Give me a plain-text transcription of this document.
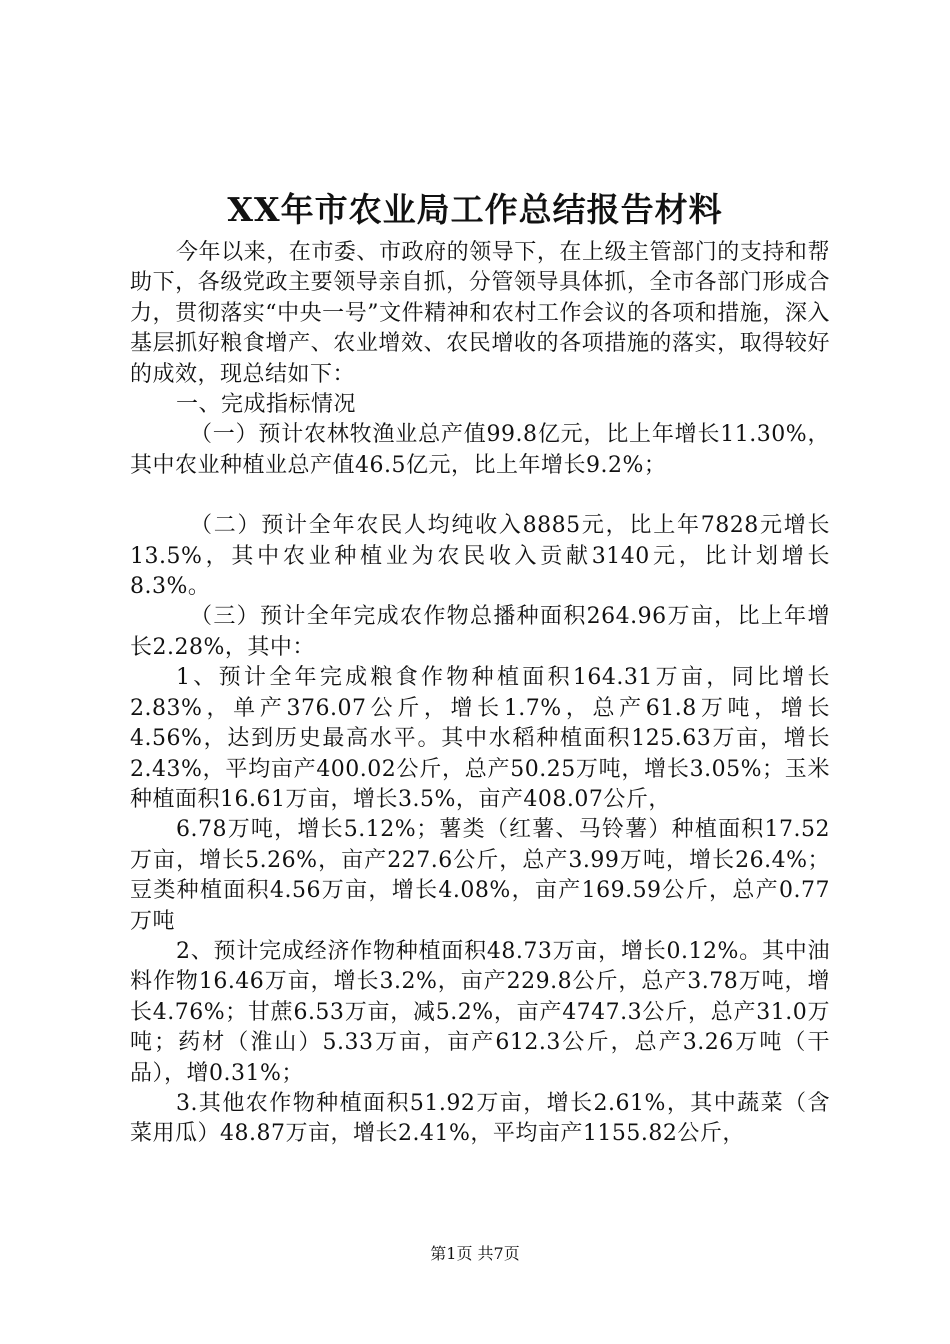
XX年市农业局工作总结报告材料

今年以来，在市委、市政府的领导下，在上级主管部门的支持和帮助下，各级党政主要领导亲自抓，分管领导具体抓，全市各部门形成合力，贯彻落实“中央一号”文件精神和农村工作会议的各项和措施，深入基层抓好粮食增产、农业增效、农民增收的各项措施的落实，取得较好的成效，现总结如下：

一、完成指标情况

（一）预计农林牧渔业总产值99.8亿元，比上年增长11.30%，其中农业种植业总产值46.5亿元，比上年增长9.2%；

（二）预计全年农民人均纯收入8885元，比上年7828元增长13.5%，其中农业种植业为农民收入贡献3140元，比计划增长8.3%。

（三）预计全年完成农作物总播种面积264.96万亩，比上年增长2.28%，其中：

1、预计全年完成粮食作物种植面积164.31万亩，同比增长2.83%，单产376.07公斤，增长1.7%，总产61.8万吨，增长4.56%，达到历史最高水平。其中水稻种植面积125.63万亩，增长2.43%，平均亩产400.02公斤，总产50.25万吨，增长3.05%；玉米种植面积16.61万亩，增长3.5%，亩产408.07公斤，

6.78万吨，增长5.12%；薯类（红薯、马铃薯）种植面积17.52万亩，增长5.26%，亩产227.6公斤，总产3.99万吨，增长26.4%；豆类种植面积4.56万亩，增长4.08%，亩产169.59公斤，总产0.77万吨

2、预计完成经济作物种植面积48.73万亩，增长0.12%。其中油料作物16.46万亩，增长3.2%，亩产229.8公斤，总产3.78万吨，增长4.76%；甘蔗6.53万亩，减5.2%，亩产4747.3公斤，总产31.0万吨；药材（淮山）5.33万亩，亩产612.3公斤，总产3.26万吨（干品），增0.31%；

3.其他农作物种植面积51.92万亩，增长2.61%，其中蔬菜（含菜用瓜）48.87万亩，增长2.41%，平均亩产1155.82公斤，

第1页 共7页
